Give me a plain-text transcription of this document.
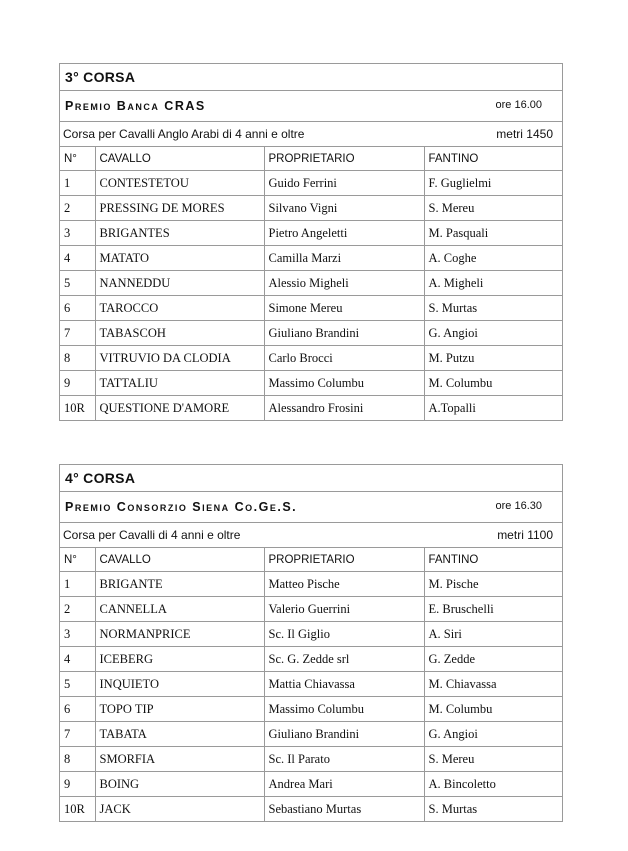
3° CORSA
Premio Banca CRAS	ore 16.00
Corsa per Cavalli Anglo Arabi di 4 anni e oltre	metri 1450
N°	CAVALLO	PROPRIETARIO	FANTINO
1	CONTESTETOU	Guido Ferrini	F. Guglielmi
2	PRESSING DE MORES	Silvano Vigni	S. Mereu
3	BRIGANTES	Pietro Angeletti	M. Pasquali
4	MATATO	Camilla Marzi	A. Coghe
5	NANNEDDU	Alessio Migheli	A. Migheli
6	TAROCCO	Simone Mereu	S. Murtas
7	TABASCOH	Giuliano Brandini	G. Angioi
8	VITRUVIO DA CLODIA	Carlo Brocci	M. Putzu
9	TATTALIU	Massimo Columbu	M. Columbu
10R	QUESTIONE D'AMORE	Alessandro Frosini	A.Topalli
4° CORSA
Premio Consorzio Siena Co.Ge.S.	ore 16.30
Corsa per Cavalli di 4 anni e oltre	metri 1100
N°	CAVALLO	PROPRIETARIO	FANTINO
1	BRIGANTE	Matteo Pische	M. Pische
2	CANNELLA	Valerio Guerrini	E. Bruschelli
3	NORMANPRICE	Sc. Il Giglio	A. Siri
4	ICEBERG	Sc. G. Zedde srl	G. Zedde
5	INQUIETO	Mattia Chiavassa	M. Chiavassa
6	TOPO TIP	Massimo Columbu	M. Columbu
7	TABATA	Giuliano Brandini	G. Angioi
8	SMORFIA	Sc. Il Parato	S. Mereu
9	BOING	Andrea Mari	A. Bincoletto
10R	JACK	Sebastiano Murtas	S. Murtas
